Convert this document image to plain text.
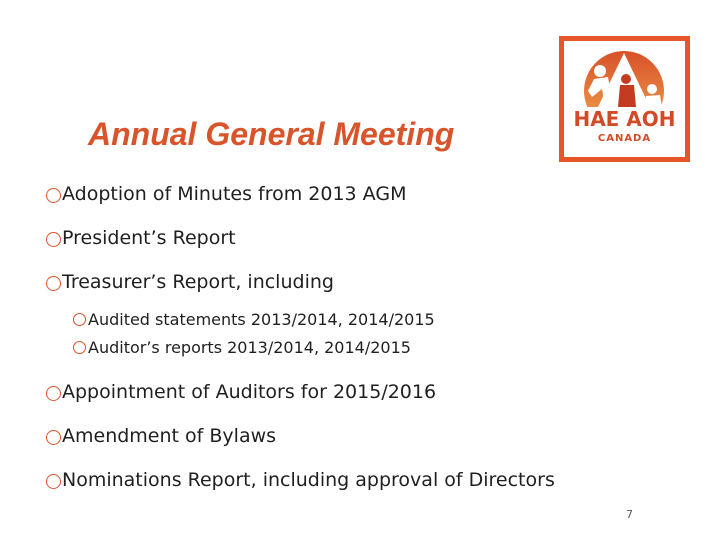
Annual General Meeting	HAE AOH
CANADA
Adoption of Minutes from 2013 AGM
President’s Report
Treasurer’s Report, including
Audited statements 2013/2014, 2014/2015
Auditor’s reports 2013/2014, 2014/2015
Appointment of Auditors for 2015/2016
Amendment of Bylaws
Nominations Report, including approval of Directors
7
